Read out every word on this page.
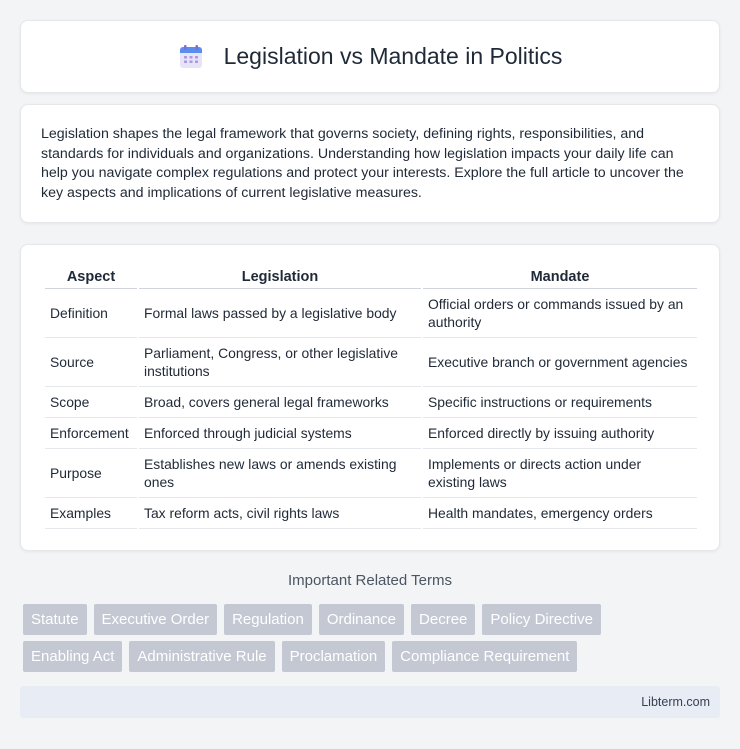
Legislation vs Mandate in Politics

Legislation shapes the legal framework that governs society, defining rights, responsibilities, and standards for individuals and organizations. Understanding how legislation impacts your daily life can help you navigate complex regulations and protect your interests. Explore the full article to uncover the key aspects and implications of current legislative measures.

Aspect	Legislation	Mandate
Definition	Formal laws passed by a legislative body	Official orders or commands issued by an authority
Source	Parliament, Congress, or other legislative institutions	Executive branch or government agencies
Scope	Broad, covers general legal frameworks	Specific instructions or requirements
Enforcement	Enforced through judicial systems	Enforced directly by issuing authority
Purpose	Establishes new laws or amends existing ones	Implements or directs action under existing laws
Examples	Tax reform acts, civil rights laws	Health mandates, emergency orders
Important Related Terms
Statute	Executive Order	Regulation	Ordinance	Decree	Policy Directive
Enabling Act	Administrative Rule	Proclamation	Compliance Requirement
Libterm.com
